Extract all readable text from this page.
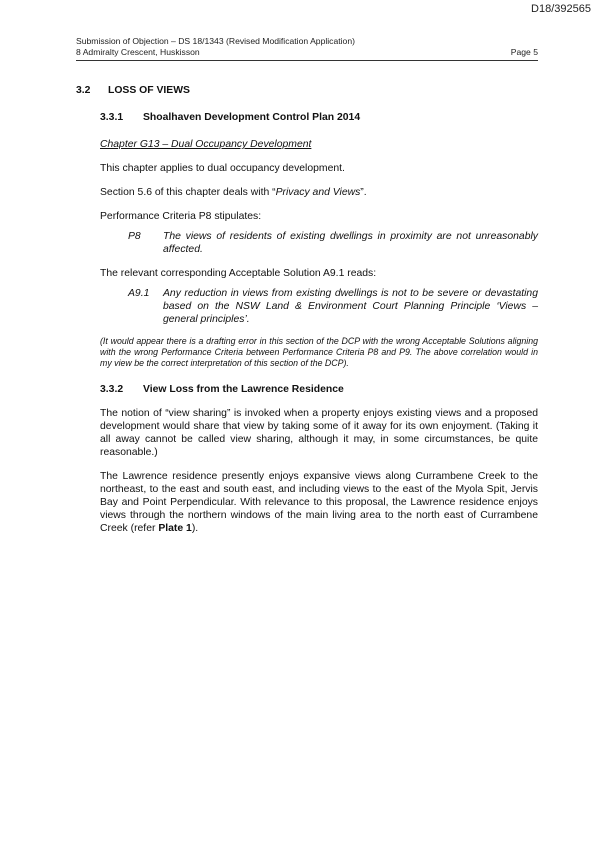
D18/392565
Submission of Objection – DS 18/1343 (Revised Modification Application)
8 Admiralty Crescent, Huskisson	Page 5
3.2	LOSS OF VIEWS
3.3.1	Shoalhaven Development Control Plan 2014

Chapter G13 – Dual Occupancy Development

This chapter applies to dual occupancy development.

Section 5.6 of this chapter deals with “Privacy and Views”.

Performance Criteria P8 stipulates:

P8	The views of residents of existing dwellings in proximity are not unreasonably affected.

The relevant corresponding Acceptable Solution A9.1 reads:

A9.1	Any reduction in views from existing dwellings is not to be severe or devastating based on the NSW Land & Environment Court Planning Principle ‘Views – general principles’.

(It would appear there is a drafting error in this section of the DCP with the wrong Acceptable Solutions aligning with the wrong Performance Criteria between Performance Criteria P8 and P9. The above correlation would in my view be the correct interpretation of this section of the DCP).

3.3.2	View Loss from the Lawrence Residence

The notion of “view sharing” is invoked when a property enjoys existing views and a proposed development would share that view by taking some of it away for its own enjoyment. (Taking it all away cannot be called view sharing, although it may, in some circumstances, be quite reasonable.)

The Lawrence residence presently enjoys expansive views along Currambene Creek to the northeast, to the east and south east, and including views to the east of the Myola Spit, Jervis Bay and Point Perpendicular. With relevance to this proposal, the Lawrence residence enjoys views through the northern windows of the main living area to the north east of Currambene Creek (refer Plate 1).
